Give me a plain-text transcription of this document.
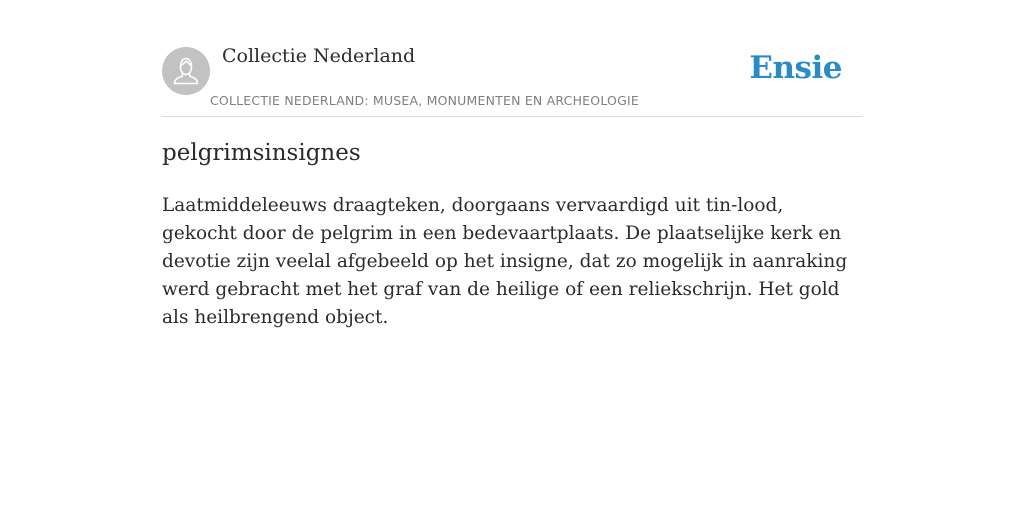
Collectie Nederland
COLLECTIE NEDERLAND: MUSEA, MONUMENTEN EN ARCHEOLOGIE
Ensie
pelgrimsinsignes

Laatmiddeleeuws draagteken, doorgaans vervaardigd uit tin-lood, gekocht door de pelgrim in een bedevaartplaats. De plaatselijke kerk en devotie zijn veelal afgebeeld op het insigne, dat zo mogelijk in aanraking werd gebracht met het graf van de heilige of een reliekschrijn. Het gold als heilbrengend object.
